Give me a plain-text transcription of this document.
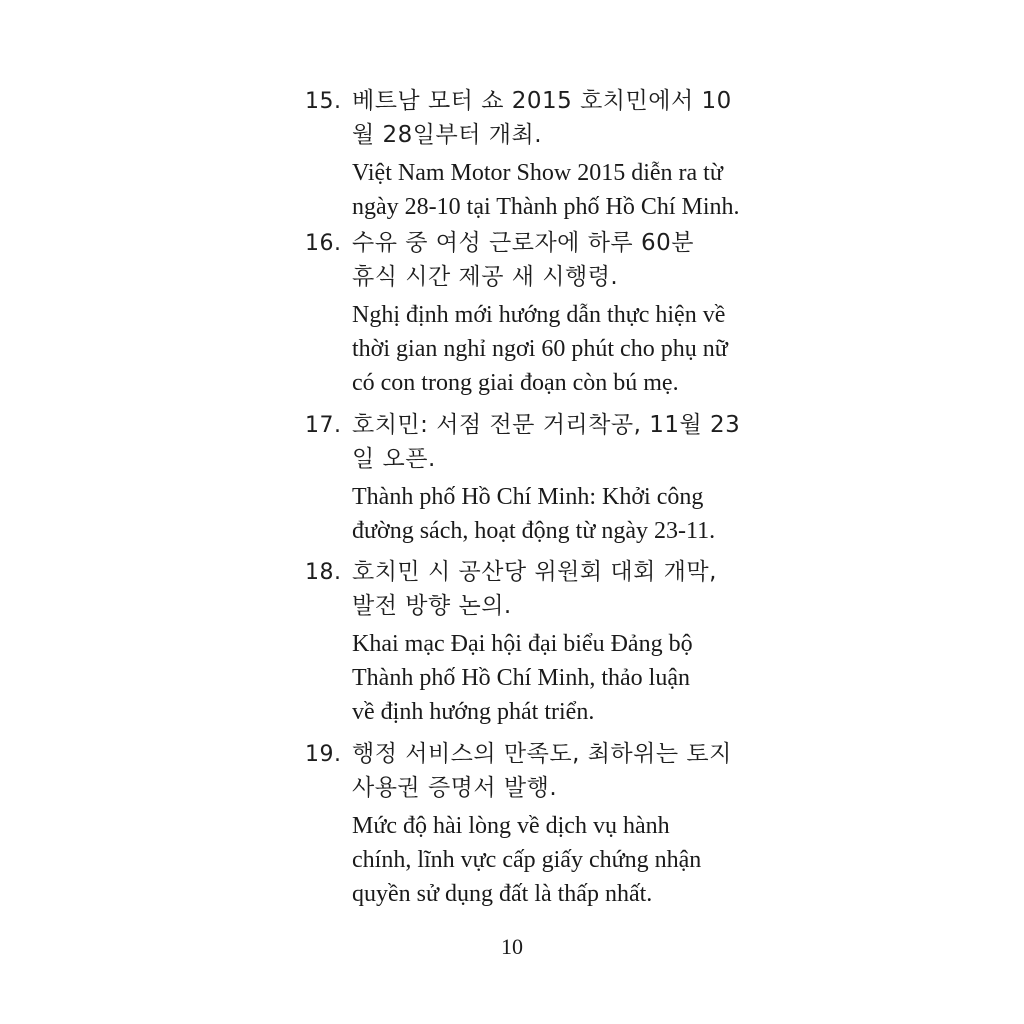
15. 베트남 모터 쇼 2015 호치민에서 10
월 28일부터 개최.
Việt Nam Motor Show 2015 diễn ra từ
ngày 28-10 tại Thành phố Hồ Chí Minh.
16. 수유 중 여성 근로자에 하루 60분
휴식 시간 제공 새 시행령.
Nghị định mới hướng dẫn thực hiện về
thời gian nghỉ ngơi 60 phút cho phụ nữ
có con trong giai đoạn còn bú mẹ.
17. 호치민: 서점 전문 거리착공, 11월 23
일 오픈.
Thành phố Hồ Chí Minh: Khởi công
đường sách, hoạt động từ ngày 23-11.
18. 호치민 시 공산당 위원회 대회 개막,
발전 방향 논의.
Khai mạc Đại hội đại biểu Đảng bộ
Thành phố Hồ Chí Minh, thảo luận
về định hướng phát triển.
19. 행정 서비스의 만족도, 최하위는 토지
사용권 증명서 발행.
Mức độ hài lòng về dịch vụ hành
chính, lĩnh vực cấp giấy chứng nhận
quyền sử dụng đất là thấp nhất.
10
